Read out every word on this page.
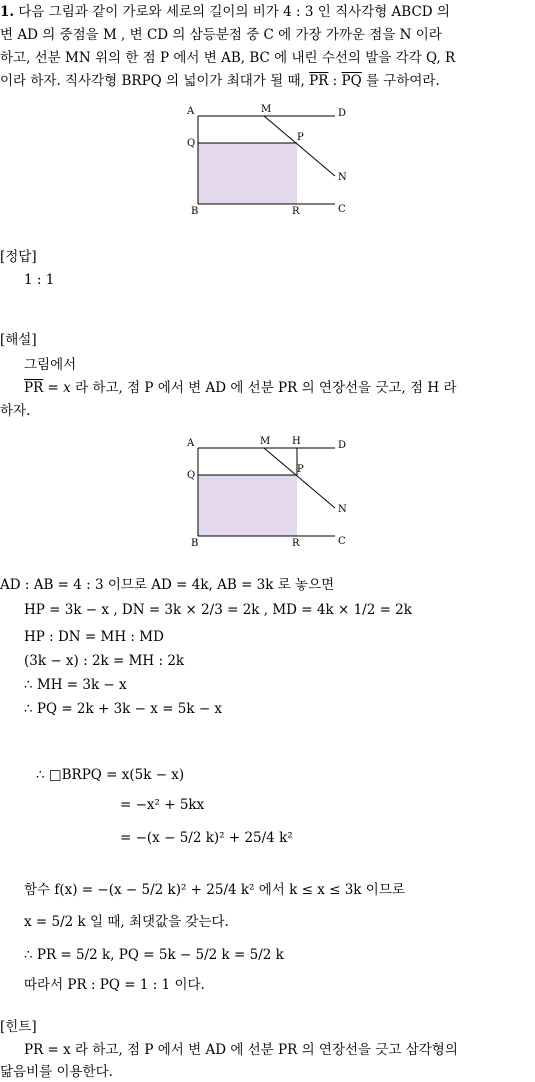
1. 다음 그림과 같이 가로와 세로의 길이의 비가 4 : 3 인 직사각형 ABCD 의
변 AD 의 중점을 M , 변 CD 의 삼등분점 중 C 에 가장 가까운 점을 N 이라
하고, 선분 MN 위의 한 점 P 에서 변 AB, BC 에 내린 수선의 발을 각각 Q, R
이라 하자. 직사각형 BRPQ 의 넓이가 최대가 될 때, $\overline{PR}$ : $\overline{PQ}$ 를 구하여라.
A	M	D
Q
P
N
B	R	C
[정답]
1 : 1
[해설]
그림에서
$\overline{PR} = x$ 라 하고, 점 P 에서 변 AD 에 선분 PR 의 연장선을 긋고, 점 H 라
하자.
A	M H	D
Q
P
N
B	R	C
AD : AB = 4 : 3 이므로 AD = 4k, AB = 3k 로 놓으면
HP = 3k − x , DN = 3k × 2/3 = 2k , MD = 4k × 1/2 = 2k
HP : DN = MH : MD
(3k − x) : 2k = MH : 2k
∴ MH = 3k − x
∴ PQ = 2k + 3k − x = 5k − x
∴ □BRPQ = x(5k − x)
= −x² + 5kx
= −(x − 5/2 k)² + 25/4 k²
함수 f(x) = −(x − 5/2 k)² + 25/4 k² 에서 k ≤ x ≤ 3k 이므로
x = 5/2 k 일 때, 최댓값을 갖는다.
∴ PR = 5/2 k, PQ = 5k − 5/2 k = 5/2 k
따라서 PR : PQ = 1 : 1 이다.
[힌트]
PR = x 라 하고, 점 P 에서 변 AD 에 선분 PR 의 연장선을 긋고 삼각형의
닮음비를 이용한다.
